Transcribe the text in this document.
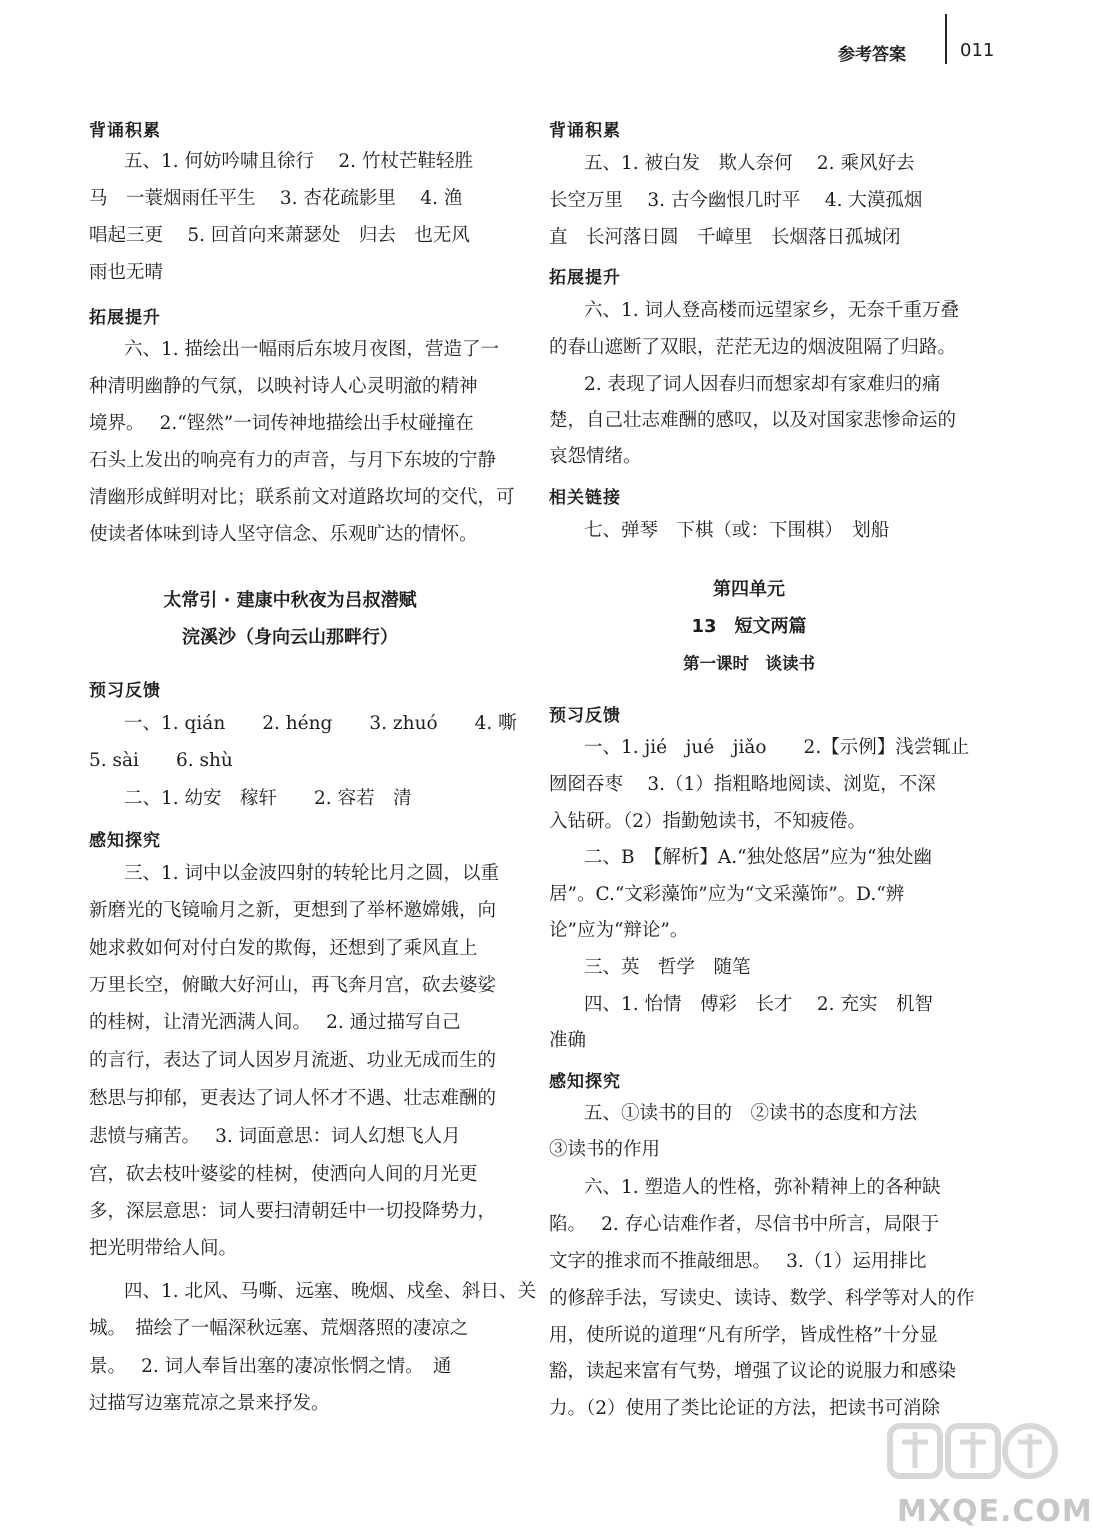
参考答案	011
背诵积累
五、1. 何妨吟啸且徐行　 2. 竹杖芒鞋轻胜
马　一蓑烟雨任平生　 3. 杏花疏影里　 4. 渔
唱起三更　 5. 回首向来萧瑟处　归去　也无风
雨也无晴
拓展提升
六、1. 描绘出一幅雨后东坡月夜图，营造了一
种清明幽静的气氛，以映衬诗人心灵明澈的精神
境界。　 2.“铿然”一词传神地描绘出手杖碰撞在
石头上发出的响亮有力的声音，与月下东坡的宁静
清幽形成鲜明对比；联系前文对道路坎坷的交代，可
使读者体味到诗人坚守信念、乐观旷达的情怀。
太常引 · 建康中秋夜为吕叔潜赋
浣溪沙（身向云山那畔行）
预习反馈
一、1. qián　　2. héng　　3. zhuó　　4. 嘶
5. sài　　6. shù
二、1. 幼安　稼轩　　2. 容若　清
感知探究
三、1. 词中以金波四射的转轮比月之圆，以重
新磨光的飞镜喻月之新，更想到了举杯邀嫦娥，向
她求救如何对付白发的欺侮，还想到了乘风直上
万里长空，俯瞰大好河山，再飞奔月宫，砍去婆娑
的桂树，让清光洒满人间。　 2. 通过描写自己
的言行，表达了词人因岁月流逝、功业无成而生的
愁思与抑郁，更表达了词人怀才不遇、壮志难酬的
悲愤与痛苦。　 3. 词面意思：词人幻想飞人月
宫，砍去枝叶婆娑的桂树，使洒向人间的月光更
多，深层意思：词人要扫清朝廷中一切投降势力，
把光明带给人间。
四、1. 北风、马嘶、远塞、晚烟、戍垒、斜日、关
城。　描绘了一幅深秋远塞、荒烟落照的凄凉之
景。　 2. 词人奉旨出塞的凄凉怅惘之情。　通
过描写边塞荒凉之景来抒发。
背诵积累
五、1. 被白发　欺人奈何　 2. 乘风好去
长空万里　 3. 古今幽恨几时平　 4. 大漠孤烟
直　长河落日圆　千嶂里　长烟落日孤城闭
拓展提升
六、1. 词人登高楼而远望家乡，无奈千重万叠
的春山遮断了双眼，茫茫无边的烟波阻隔了归路。
2. 表现了词人因春归而想家却有家难归的痛
楚，自己壮志难酬的感叹，以及对国家悲惨命运的
哀怨情绪。
相关链接
七、弹琴　下棋（或：下围棋）　划船
第四单元
13　短文两篇
第一课时　谈读书
预习反馈
一、1. jié　jué　jiǎo　　2.【示例】浅尝辄止
囫囵吞枣　 3.（1）指粗略地阅读、浏览，不深
入钻研。（2）指勤勉读书，不知疲倦。
二、B　【解析】A.“独处悠居”应为“独处幽
居”。C.“文彩藻饰”应为“文采藻饰”。D.“辨
论”应为“辩论”。
三、英　哲学　随笔
四、1. 怡情　傅彩　长才　 2. 充实　机智
准确
感知探究
五、①读书的目的　②读书的态度和方法
③读书的作用
六、1. 塑造人的性格，弥补精神上的各种缺
陷。　 2. 存心诘难作者，尽信书中所言，局限于
文字的推求而不推敲细思。　 3.（1）运用排比
的修辞手法，写读史、读诗、数学、科学等对人的作
用，使所说的道理“凡有所学，皆成性格”十分显
豁，读起来富有气势，增强了议论的说服力和感染
力。（2）使用了类比论证的方法，把读书可消除
MXQE.COM
